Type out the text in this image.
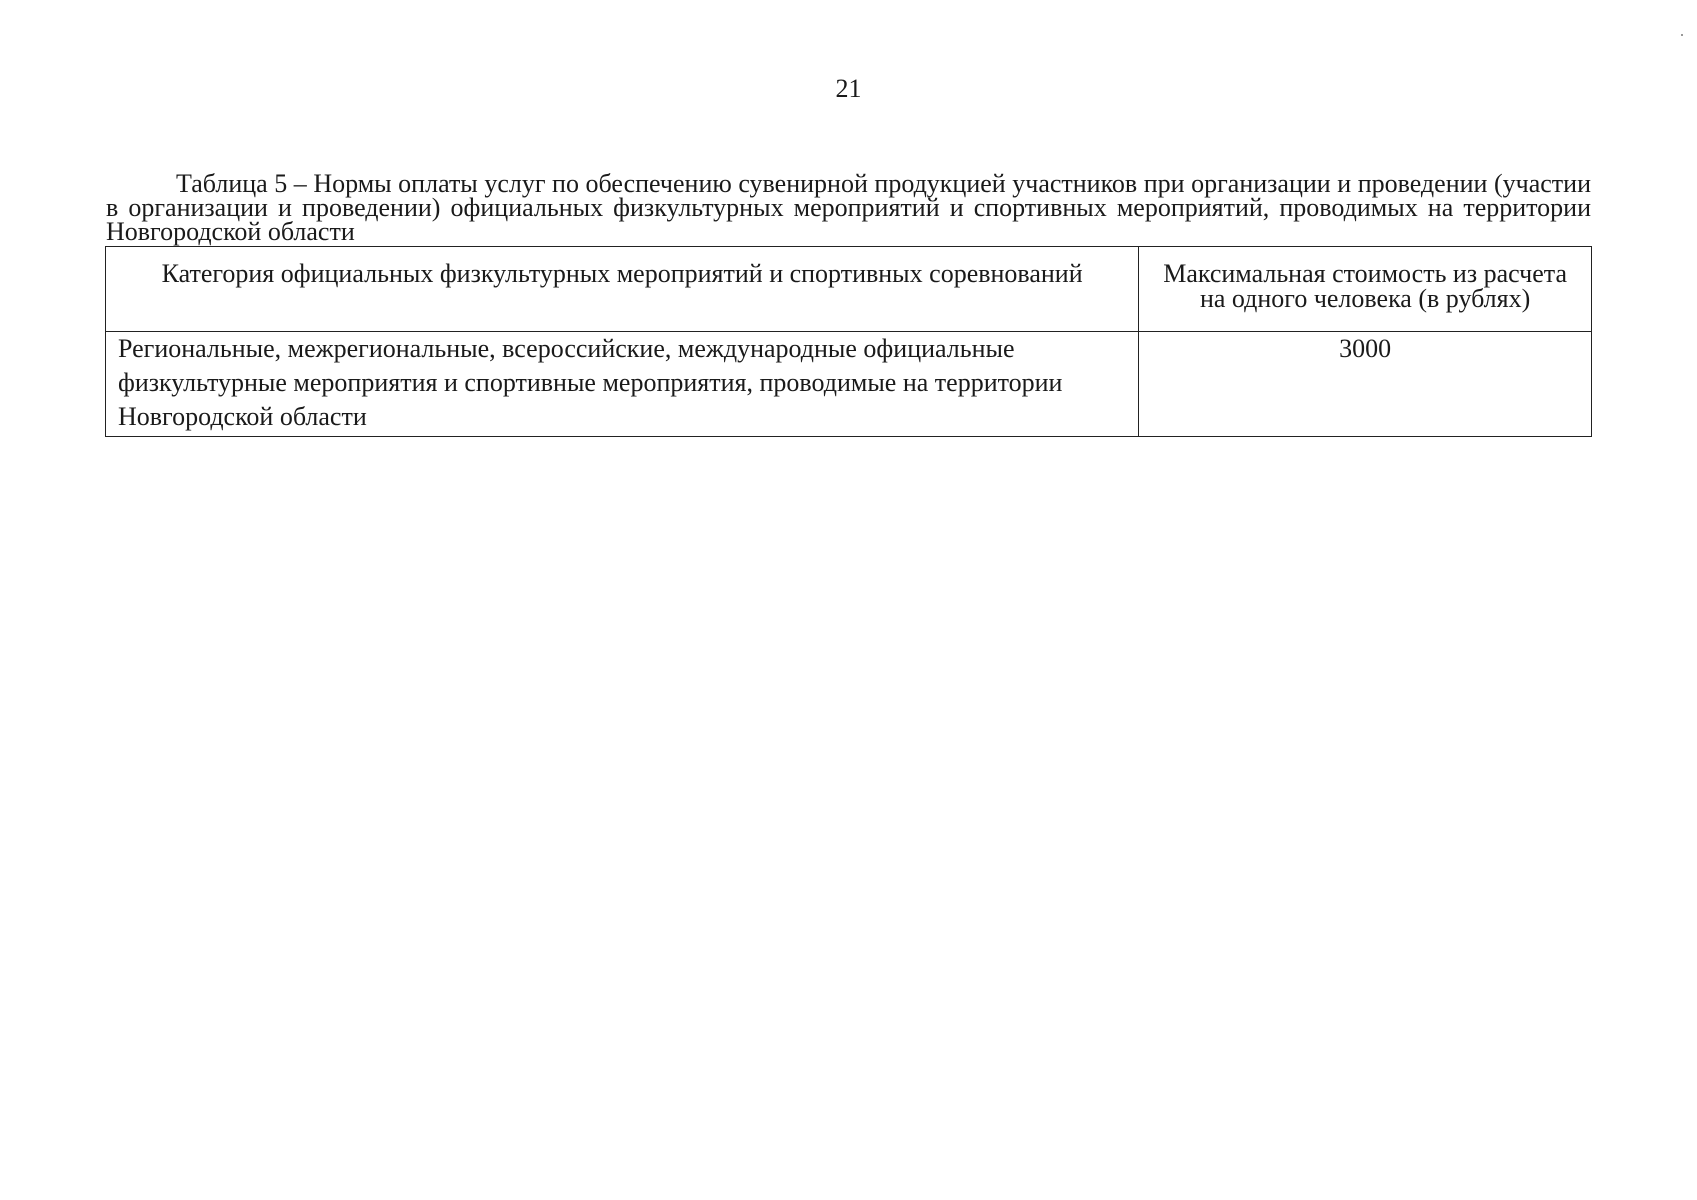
21
Таблица 5 – Нормы оплаты услуг по обеспечению сувенирной продукцией участников при организации и проведении (участии в организации и проведении) официальных физкультурных мероприятий и спортивных мероприятий, проводимых на территории Новгородской области
Категория официальных физкультурных мероприятий и спортивных соревнований	Максимальная стоимость из расчета на одного человека (в рублях)
Региональные, межрегиональные, всероссийские, международные официальные физкультурные мероприятия и спортивные мероприятия, проводимые на территории Новгородской области	3000
